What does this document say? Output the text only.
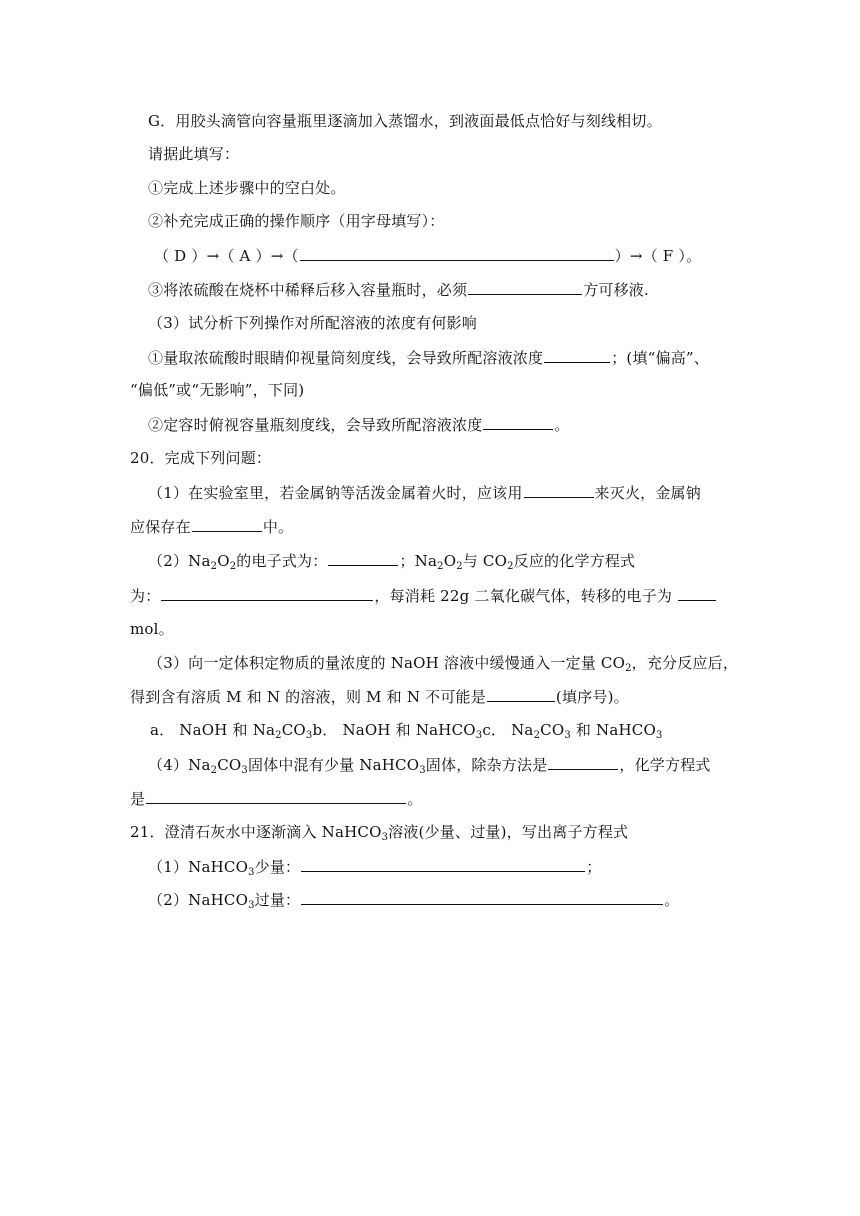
G．用胶头滴管向容量瓶里逐滴加入蒸馏水，到液面最低点恰好与刻线相切。
请据此填写：
①完成上述步骤中的空白处。
②补充完成正确的操作顺序（用字母填写）：
（ D ）→（ A ）→（	）→（ F ）。
③将浓硫酸在烧杯中稀释后移入容量瓶时，必须	方可移液.
（3）试分析下列操作对所配溶液的浓度有何影响
①量取浓硫酸时眼睛仰视量筒刻度线，会导致所配溶液浓度	；(填“偏高”、
“偏低”或“无影响”，下同)
②定容时俯视容量瓶刻度线，会导致所配溶液浓度	。
20．完成下列问题：
（1）在实验室里，若金属钠等活泼金属着火时，应该用	来灭火，金属钠
应保存在	中。
$(2)Na_2O_2$的电子式为：	；$Na_2O_2$与 $CO_2$反应的化学方程式
为：	，每消耗 22g 二氧化碳气体，转移的电子为
mol。
（3）向一定体积定物质的量浓度的 NaOH 溶液中缓慢通入一定量 $CO_2$，充分反应后，
得到含有溶质 M 和 N 的溶液，则 M 和 N 不可能是	(填序号)。
a． NaOH 和 $Na_2CO_3b$． NaOH 和 NaHCO$_3$c． $Na_2CO_3$ 和 NaHCO$_3$
$(4)Na_2CO_3$固体中混有少量 NaHCO$_3$固体，除杂方法是	，化学方程式
是	。
21．澄清石灰水中逐渐滴入 NaHCO$_3$溶液(少量、过量)，写出离子方程式
（1）NaHCO$_3$少量：	；
（2）NaHCO$_3$过量：	。
